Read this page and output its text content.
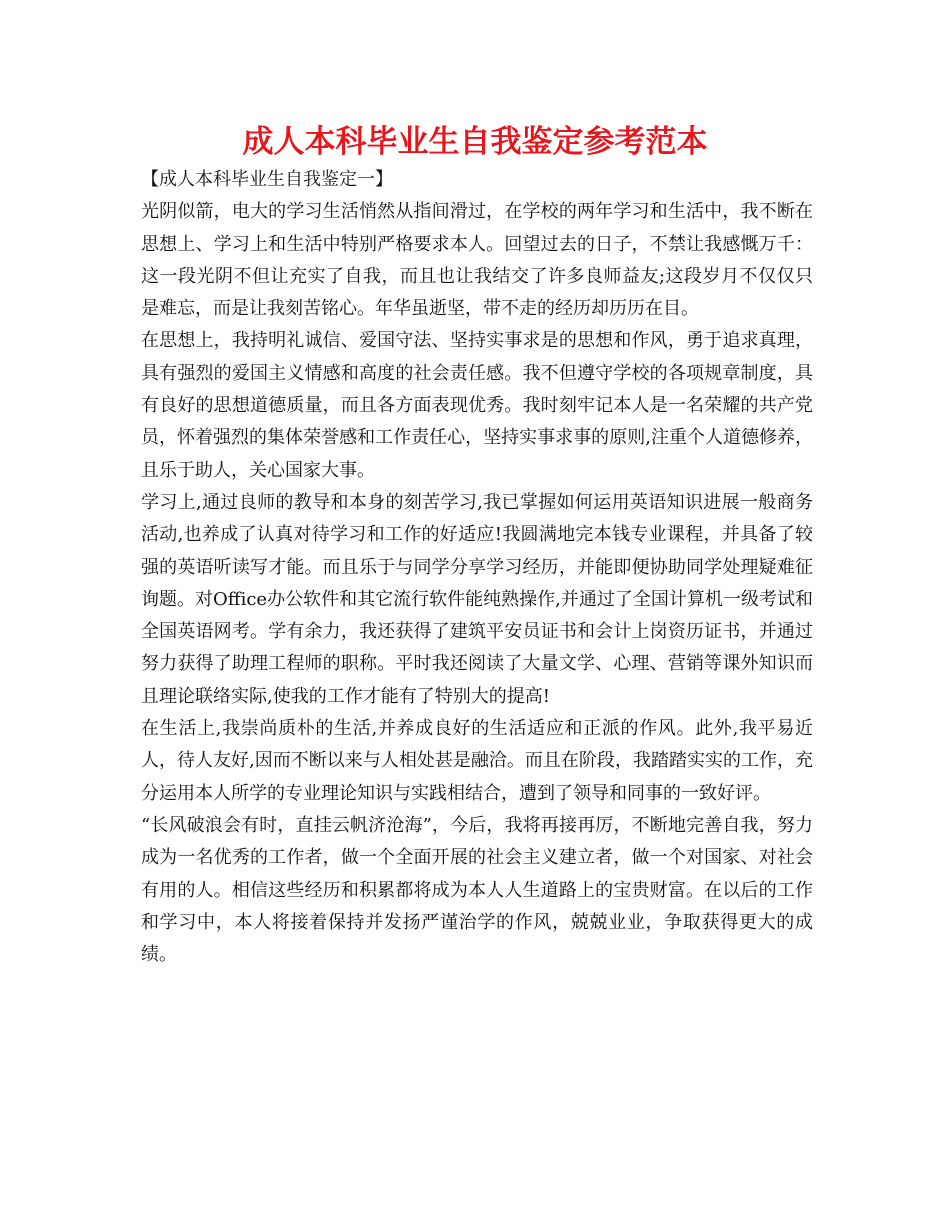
成人本科毕业生自我鉴定参考范本

【成人本科毕业生自我鉴定一】

光阴似箭，电大的学习生活悄然从指间滑过，在学校的两年学习和生活中，我不断在思想上、学习上和生活中特别严格要求本人。回望过去的日子，不禁让我感慨万千：这一段光阴不但让充实了自我，而且也让我结交了许多良师益友;这段岁月不仅仅只是难忘，而是让我刻苦铭心。年华虽逝坚，带不走的经历却历历在目。

在思想上，我持明礼诚信、爱国守法、坚持实事求是的思想和作风，勇于追求真理，具有强烈的爱国主义情感和高度的社会责任感。我不但遵守学校的各项规章制度，具有良好的思想道德质量，而且各方面表现优秀。我时刻牢记本人是一名荣耀的共产党员，怀着强烈的集体荣誉感和工作责任心，坚持实事求事的原则,注重个人道德修养，且乐于助人，关心国家大事。

学习上,通过良师的教导和本身的刻苦学习,我已掌握如何运用英语知识进展一般商务活动,也养成了认真对待学习和工作的好适应!我圆满地完本钱专业课程，并具备了较强的英语听读写才能。而且乐于与同学分享学习经历，并能即便协助同学处理疑难征询题。对Office办公软件和其它流行软件能纯熟操作,并通过了全国计算机一级考试和全国英语网考。学有余力，我还获得了建筑平安员证书和会计上岗资历证书，并通过努力获得了助理工程师的职称。平时我还阅读了大量文学、心理、营销等课外知识而且理论联络实际,使我的工作才能有了特别大的提高!

在生活上,我崇尚质朴的生活,并养成良好的生活适应和正派的作风。此外,我平易近人，待人友好,因而不断以来与人相处甚是融洽。而且在阶段，我踏踏实实的工作，充分运用本人所学的专业理论知识与实践相结合，遭到了领导和同事的一致好评。

“长风破浪会有时，直挂云帆济沧海”，今后，我将再接再厉，不断地完善自我，努力成为一名优秀的工作者，做一个全面开展的社会主义建立者，做一个对国家、对社会有用的人。相信这些经历和积累都将成为本人人生道路上的宝贵财富。在以后的工作和学习中，本人将接着保持并发扬严谨治学的作风，兢兢业业，争取获得更大的成绩。
